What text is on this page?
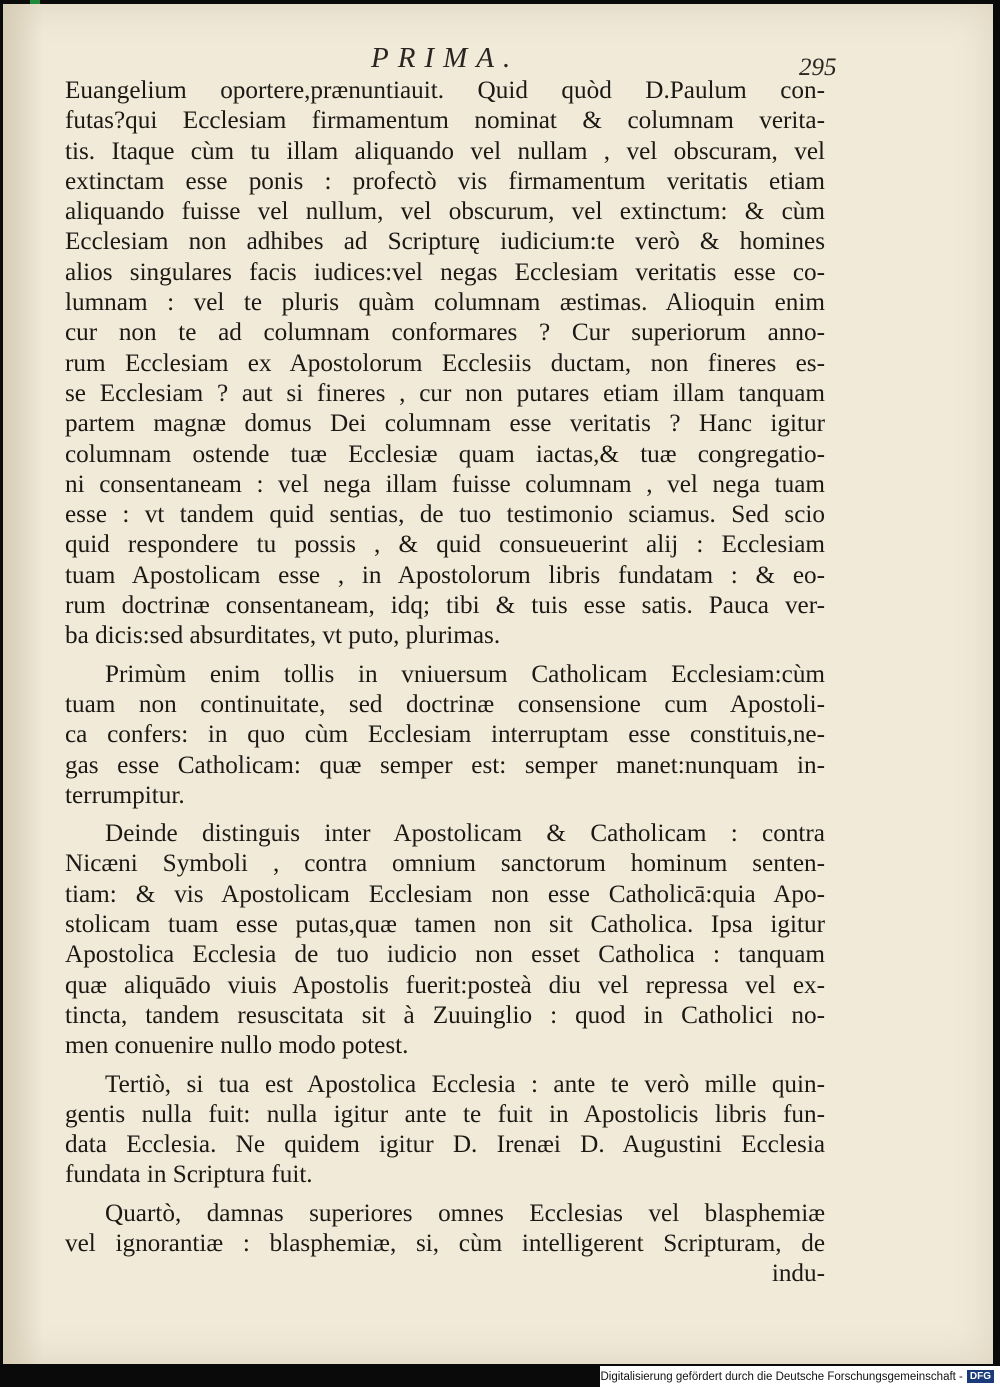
PRIMA.	295
Euangelium oportere,prænuntiauit. Quid quòd D.Paulum con-
futas?qui Ecclesiam firmamentum nominat & columnam verita-
tis. Itaque cùm tu illam aliquando vel nullam , vel obscuram, vel
extinctam esse ponis : profectò vis firmamentum veritatis etiam
aliquando fuisse vel nullum, vel obscurum, vel extinctum: & cùm
Ecclesiam non adhibes ad Scripturę iudicium:te verò & homines
alios singulares facis iudices:vel negas Ecclesiam veritatis esse co-
lumnam : vel te pluris quàm columnam æstimas. Alioquin enim
cur non te ad columnam conformares ? Cur superiorum anno-
rum Ecclesiam ex Apostolorum Ecclesiis ductam, non fineres es-
se Ecclesiam ? aut si fineres , cur non putares etiam illam tanquam
partem magnæ domus Dei columnam esse veritatis ? Hanc igitur
columnam ostende tuæ Ecclesiæ quam iactas,& tuæ congregatio-
ni consentaneam : vel nega illam fuisse columnam , vel nega tuam
esse : vt tandem quid sentias, de tuo testimonio sciamus. Sed scio
quid respondere tu possis , & quid consueuerint alij : Ecclesiam
tuam Apostolicam esse , in Apostolorum libris fundatam : & eo-
rum doctrinæ consentaneam, idq; tibi & tuis esse satis. Pauca ver-
ba dicis:sed absurditates, vt puto, plurimas.
Primùm enim tollis in vniuersum Catholicam Ecclesiam:cùm
tuam non continuitate, sed doctrinæ consensione cum Apostoli-
ca confers: in quo cùm Ecclesiam interruptam esse constituis,ne-
gas esse Catholicam: quæ semper est: semper manet:nunquam in-
terrumpitur.
Deinde distinguis inter Apostolicam & Catholicam : contra
Nicæni Symboli , contra omnium sanctorum hominum senten-
tiam: & vis Apostolicam Ecclesiam non esse Catholicā:quia Apo-
stolicam tuam esse putas,quæ tamen non sit Catholica. Ipsa igitur
Apostolica Ecclesia de tuo iudicio non esset Catholica : tanquam
quæ aliquādo viuis Apostolis fuerit:posteà diu vel repressa vel ex-
tincta, tandem resuscitata sit à Zuuinglio : quod in Catholici no-
men conuenire nullo modo potest.
Tertiò, si tua est Apostolica Ecclesia : ante te verò mille quin-
gentis nulla fuit: nulla igitur ante te fuit in Apostolicis libris fun-
data Ecclesia. Ne quidem igitur D. Irenæi D. Augustini Ecclesia
fundata in Scriptura fuit.
Quartò, damnas superiores omnes Ecclesias vel blasphemiæ
vel ignorantiæ : blasphemiæ, si, cùm intelligerent Scripturam, de
indu-
Digitalisierung gefördert durch die Deutsche Forschungsgemeinschaft - DFG
